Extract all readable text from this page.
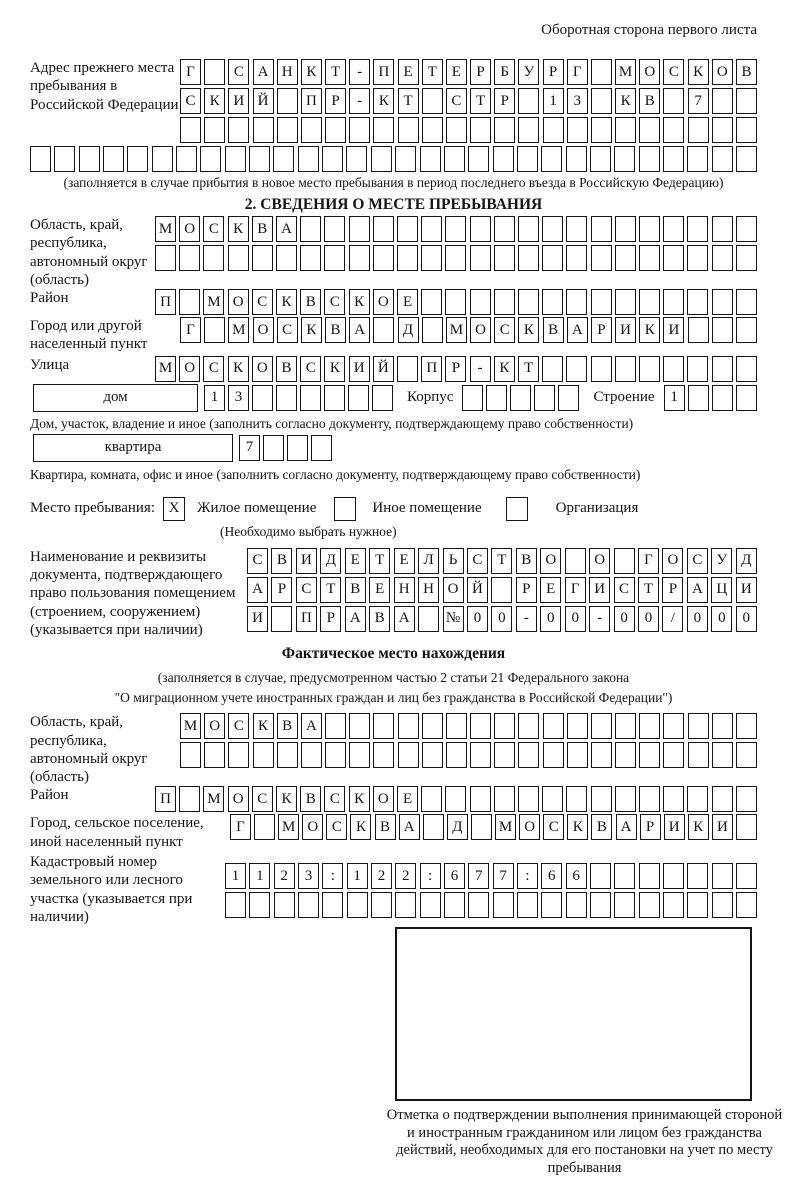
Оборотная сторона первого листа
Адрес прежнего места пребывания в Российской Федерации
Г	С А Н К Т	-	П Е	Т	Е	Р	Б У Р	Г	М О С К О В
С К И Й	П Р	-	К Т	С Т	Р	1	3	К В	7
(заполняется в случае прибытия в новое место пребывания в период последнего въезда в Российскую Федерацию)
2. СВЕДЕНИЯ О МЕСТЕ ПРЕБЫВАНИЯ
Область, край, республика, автономный округ (область)
М О С К В А
Район	П	М О С К В С К О Е
Город или другой населенный пункт
Г	М О С К В А	Д	М О С К В А Р И К И
Улица	М О С К О В С К И Й	П Р	-	К Т
дом	1	3	Корпус	Строение	1
Дом, участок, владение и иное (заполнить согласно документу, подтверждающему право собственности)
квартира	7
Квартира, комната, офис и иное (заполнить согласно документу, подтверждающему право собственности)
Место пребывания: X	Жилое помещение	Иное помещение	Организация
(Необходимо выбрать нужное)
Наименование и реквизиты документа, подтверждающего право пользования помещением (строением, сооружением) (указывается при наличии)
С В И Д Е	Т	Е Л	Ь	С Т В О	О	Г О С У Д
А Р	С Т В Е Н Н О Й	Р	Е	Г И С Т	Р А Ц И
И	П Р А В А	№ 0	0	-	0	0	-	0	0	/	0	0	0
Фактическое место нахождения
(заполняется в случае, предусмотренном частью 2 статьи 21 Федерального закона
"О миграционном учете иностранных граждан и лиц без гражданства в Российской Федерации")
Область, край, республика, автономный округ (область)
М О С К В А
Район	П	М О С К В С К О Е
Город, сельское поселение, иной населенный пункт
Г	М О С К В А	Д	М О С К В А Р И К И
Кадастровый номер земельного или лесного участка (указывается при наличии)
1	1	2	3	:	1	2	2	:	6	7	7	:	6	6
Отметка о подтверждении выполнения принимающей стороной и иностранным гражданином или лицом без гражданства действий, необходимых для его постановки на учет по месту пребывания
